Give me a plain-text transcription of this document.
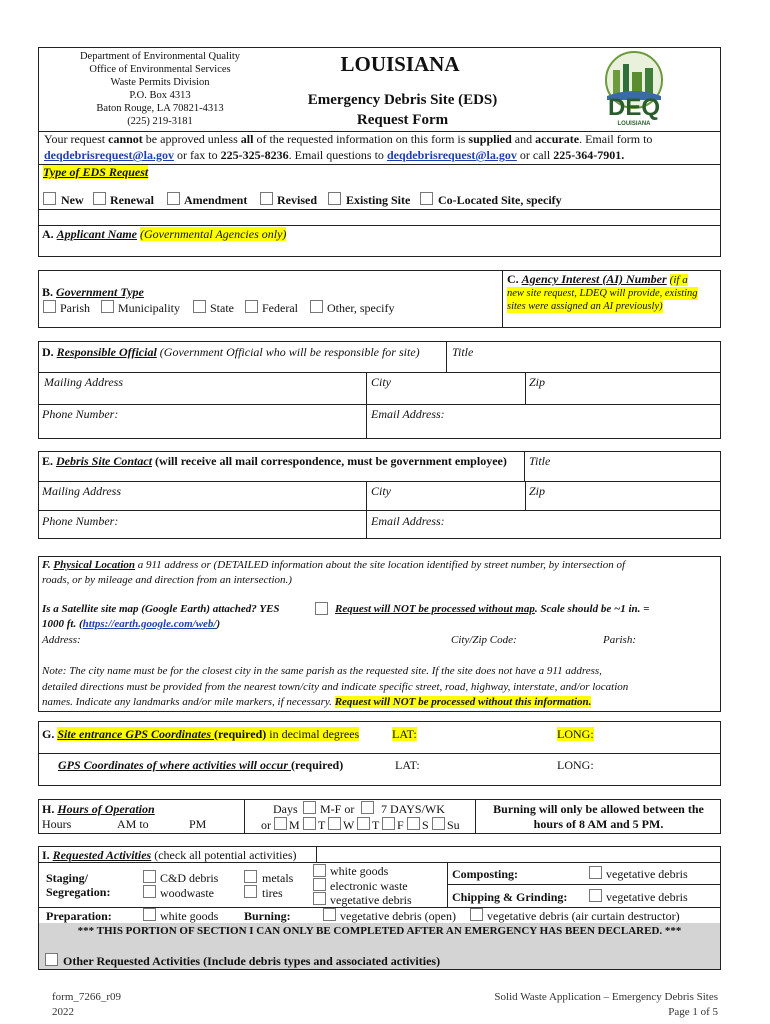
Department of Environmental Quality
Office of Environmental Services
Waste Permits Division
P.O. Box 4313
Baton Rouge, LA 70821-4313
(225) 219-3181
LOUISIANA
Emergency Debris Site (EDS)
Request Form	DEQ
LOUISIANA
Your request cannot be approved unless all of the requested information on this form is supplied and accurate. Email form to
deqdebrisrequest@la.gov or fax to 225-325-8236. Email questions to deqdebrisrequest@la.gov or call 225-364-7901.
Type of EDS Request
New Renewal	Amendment Revised Existing Site Co-Located Site, specify
A. Applicant Name (Governmental Agencies only)
B. Government Type
Parish Municipality	State Federal Other, specify
C. Agency Interest (AI) Number (if a
new site request, LDEQ will provide, existing
sites were assigned an AI previously)
D. Responsible Official (Government Official who will be responsible for site)	Title
Mailing Address	City	Zip
Phone Number:	Email Address:
E. Debris Site Contact (will receive all mail correspondence, must be government employee) Title
Mailing Address	City	Zip
Phone Number:	Email Address:
F. Physical Location a 911 address or (DETAILED information about the site location identified by street number, by intersection of
roads, or by mileage and direction from an intersection.)
Is a Satellite site map (Google Earth) attached? YES	Request will NOT be processed without map. Scale should be ~1 in. =
1000 ft. (https://earth.google.com/web/)
Address:	City/Zip Code:	Parish:
Note: The city name must be for the closest city in the same parish as the requested site. If the site does not have a 911 address,
detailed directions must be provided from the nearest town/city and indicate specific street, road, highway, interstate, and/or location
names. Indicate any landmarks and/or mile markers, if necessary. Request will NOT be processed without this information.
G. Site entrance GPS Coordinates (required) in decimal degrees	LAT:	LONG:
GPS Coordinates of where activities will occur (required)	LAT:	LONG:
H. Hours of Operation
Hours	AM to	PM
Days M-F or 7 DAYS/WK
or M T W T F S Su
Burning will only be allowed between the
hours of 8 AM and 5 PM.
I. Requested Activities (check all potential activities)
Staging/
Segregation:
C&D debris
woodwaste
metals
tires
white goods
electronic waste
vegetative debris
Composting:	vegetative debris
Chipping & Grinding:	vegetative debris
Preparation:	white goods Burning:	vegetative debris (open)	vegetative debris (air curtain destructor)
*** THIS PORTION OF SECTION I CAN ONLY BE COMPLETED AFTER AN EMERGENCY HAS BEEN DECLARED. ***
Other Requested Activities (Include debris types and associated activities)
form_7266_r09
2022
Solid Waste Application – Emergency Debris Sites
Page 1 of 5
